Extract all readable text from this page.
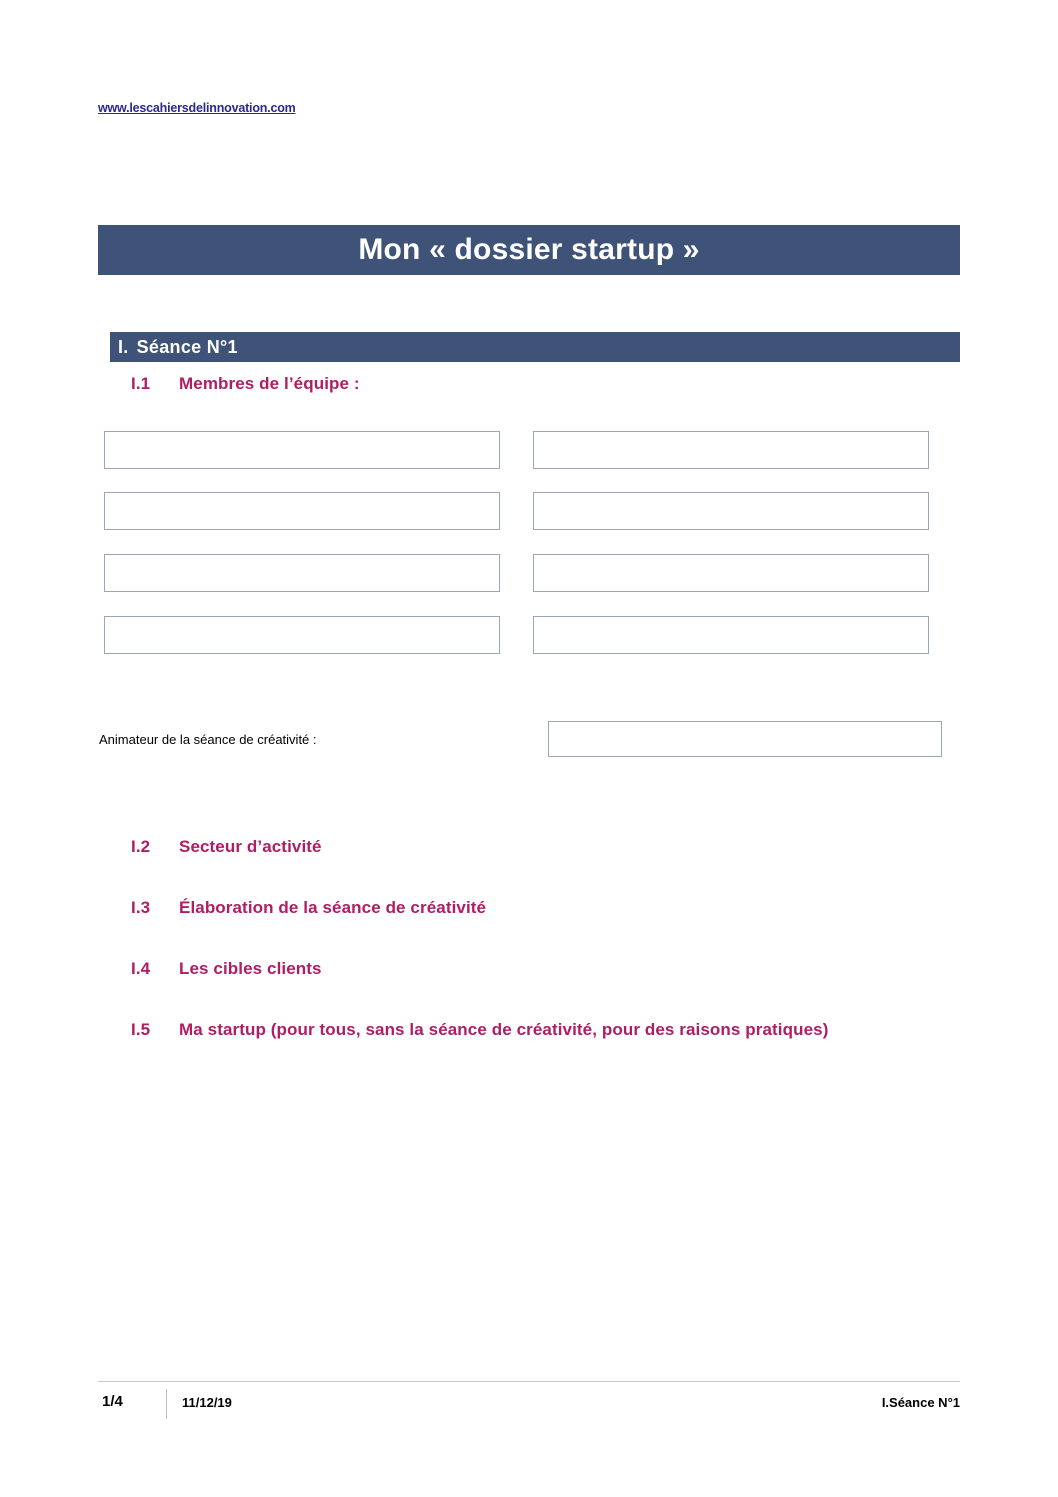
www.lescahiersdelinnovation.com
Mon « dossier startup »
I. Séance N°1
I.1 Membres de l’équipe :
Animateur de la séance de créativité :
I.2 Secteur d’activité
I.3 Élaboration de la séance de créativité
I.4 Les cibles clients
I.5 Ma startup (pour tous, sans la séance de créativité, pour des raisons pratiques)
1/4	11/12/19	I.Séance N°1
